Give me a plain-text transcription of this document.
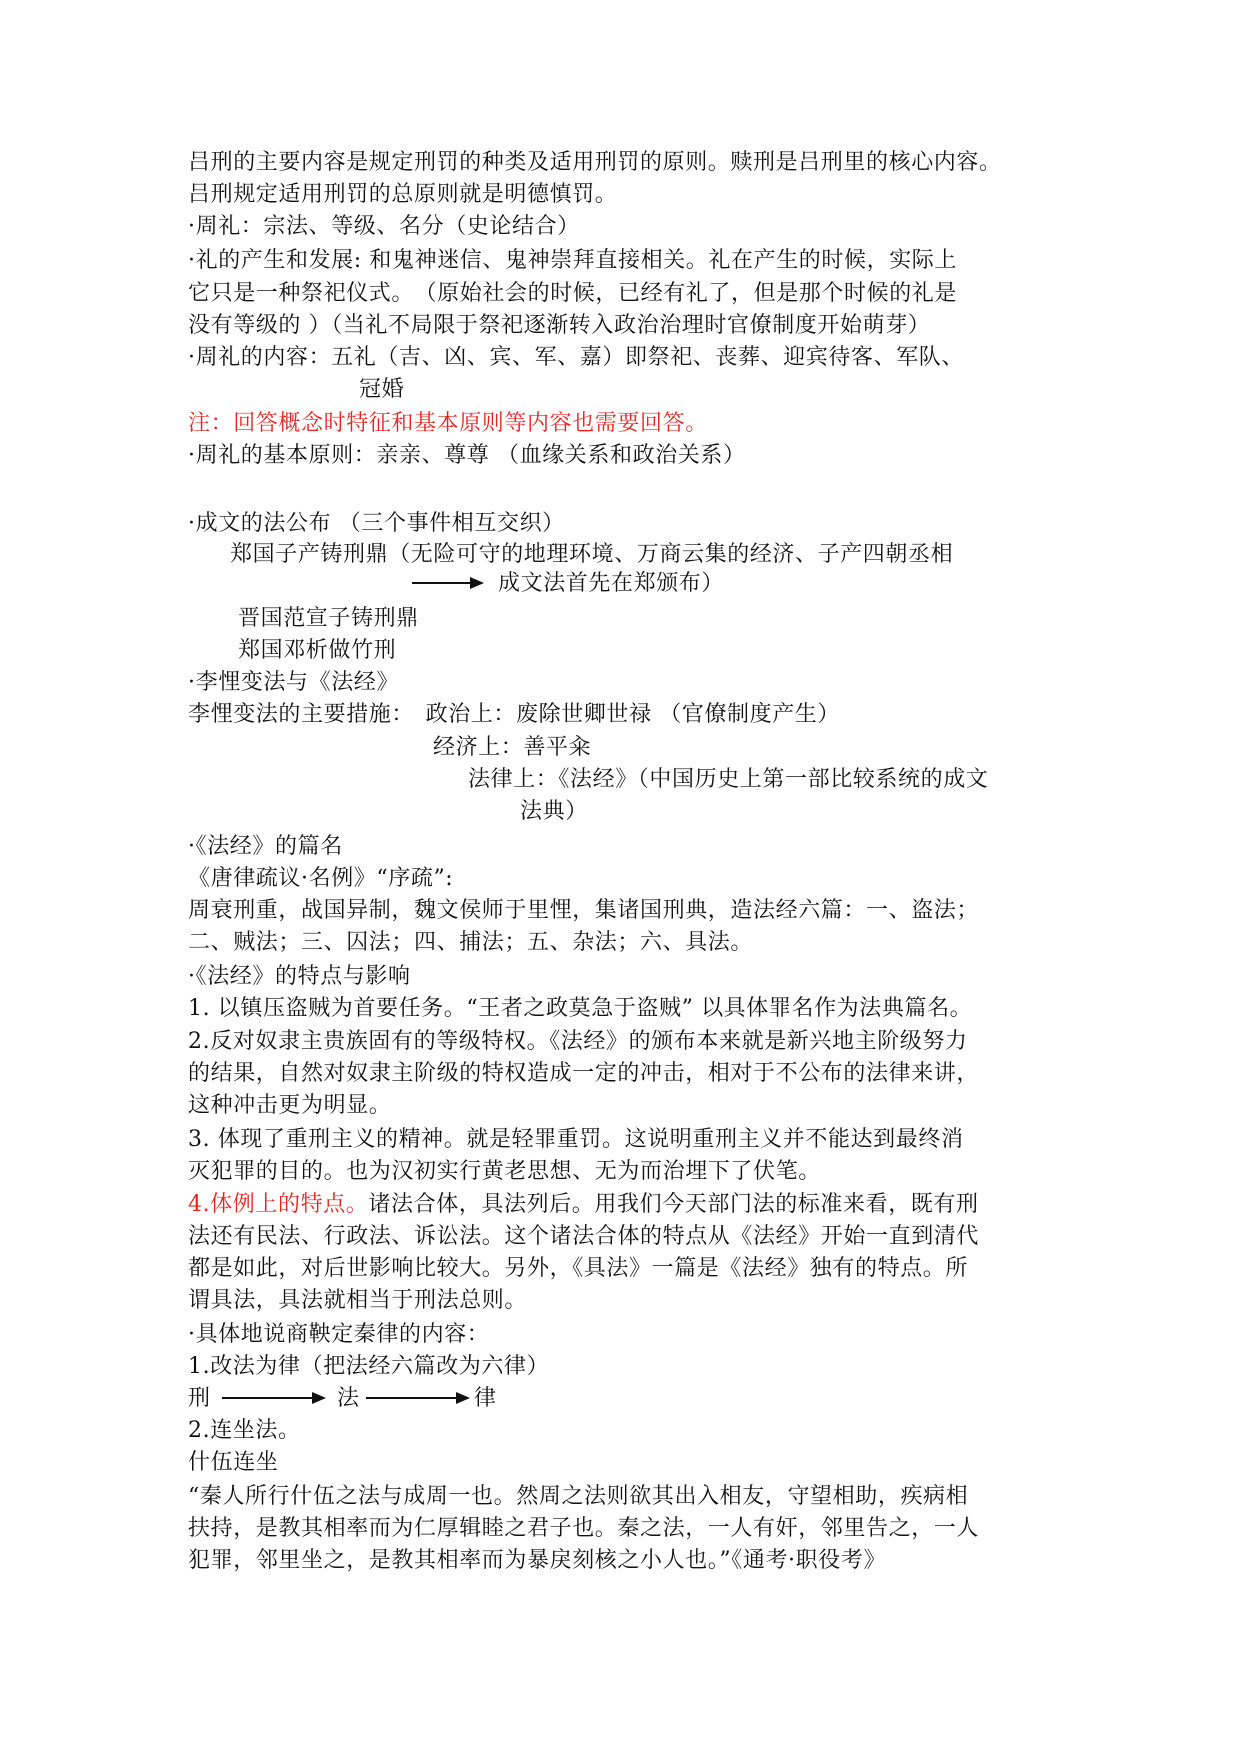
吕刑的主要内容是规定刑罚的种类及适用刑罚的原则。赎刑是吕刑里的核心内容。
吕刑规定适用刑罚的总原则就是明德慎罚。
·周礼：宗法、等级、名分（史论结合）
·礼的产生和发展: 和鬼神迷信、鬼神崇拜直接相关。礼在产生的时候，实际上
它只是一种祭祀仪式。　（原始社会的时候，已经有礼了，但是那个时候的礼是
没有等级的 ）（当礼不局限于祭祀逐渐转入政治治理时官僚制度开始萌芽）
·周礼的内容：五礼（吉、凶、宾、军、嘉）即祭祀、丧葬、迎宾待客、军队、
冠婚
注：回答概念时特征和基本原则等内容也需要回答。
·周礼的基本原则：亲亲、尊尊 （血缘关系和政治关系）
·成文的法公布 （三个事件相互交织）
郑国子产铸刑鼎（无险可守的地理环境、万商云集的经济、子产四朝丞相
成文法首先在郑颁布）
晋国范宣子铸刑鼎
郑国邓析做竹刑
·李悝变法与《法经》
李悝变法的主要措施：　政治上：废除世卿世禄 （官僚制度产生）
经济上：善平籴
法律上：《法经》（中国历史上第一部比较系统的成文
法典）
·《法经》的篇名
《唐律疏议·名例》“序疏”:
周衰刑重，战国异制，魏文侯师于里悝，集诸国刑典，造法经六篇：一、盗法；
二、贼法；三、囚法；四、捕法；五、杂法；六、具法。
·《法经》的特点与影响
1. 以镇压盗贼为首要任务。“王者之政莫急于盗贼” 以具体罪名作为法典篇名。
2.反对奴隶主贵族固有的等级特权。《法经》的颁布本来就是新兴地主阶级努力
的结果，自然对奴隶主阶级的特权造成一定的冲击，相对于不公布的法律来讲，
这种冲击更为明显。
3. 体现了重刑主义的精神。就是轻罪重罚。这说明重刑主义并不能达到最终消
灭犯罪的目的。也为汉初实行黄老思想、无为而治埋下了伏笔。
4.体例上的特点。诸法合体，具法列后。用我们今天部门法的标准来看，既有刑
法还有民法、行政法、诉讼法。这个诸法合体的特点从《法经》开始一直到清代
都是如此，对后世影响比较大。另外，《具法》一篇是《法经》独有的特点。所
谓具法，具法就相当于刑法总则。
·具体地说商鞅定秦律的内容：
1.改法为律（把法经六篇改为六律）
刑	法	律
2.连坐法。
什伍连坐
“秦人所行什伍之法与成周一也。然周之法则欲其出入相友，守望相助，疾病相
扶持，是教其相率而为仁厚辑睦之君子也。秦之法，一人有奸，邻里告之，一人
犯罪，邻里坐之，是教其相率而为暴戾刻核之小人也。”《通考·职役考》
